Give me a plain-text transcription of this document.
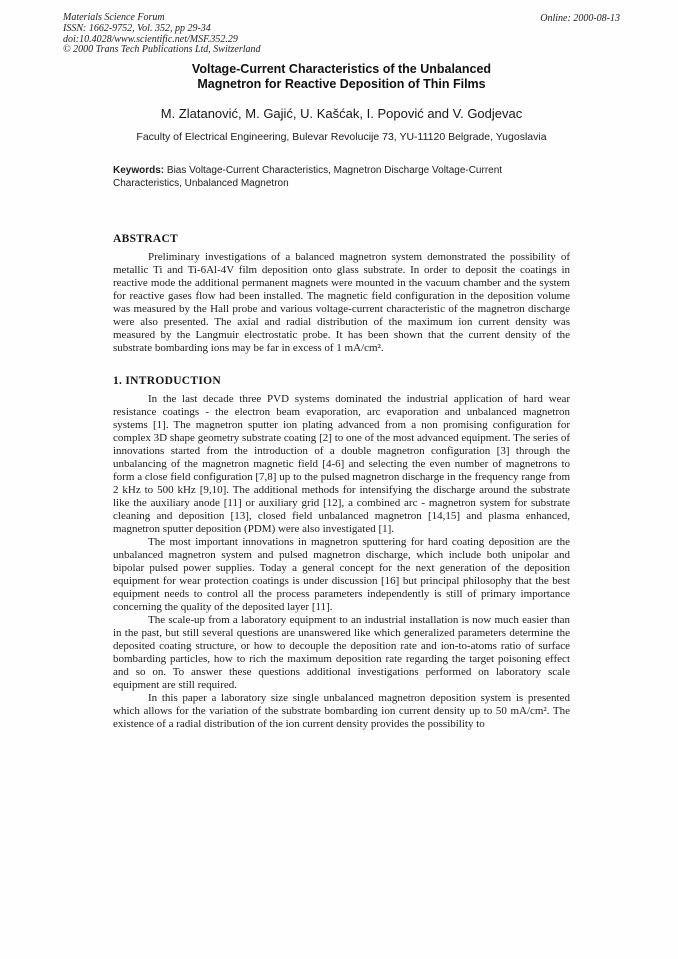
Materials Science Forum
ISSN: 1662-9752, Vol. 352, pp 29-34
doi:10.4028/www.scientific.net/MSF.352.29
© 2000 Trans Tech Publications Ltd, Switzerland
Online: 2000-08-13
Voltage-Current Characteristics of the Unbalanced
Magnetron for Reactive Deposition of Thin Films
M. Zlatanović, M. Gajić, U. Kašćak, I. Popović and V. Godjevac
Faculty of Electrical Engineering, Bulevar Revolucije 73, YU-11120 Belgrade, Yugoslavia
Keywords: Bias Voltage-Current Characteristics, Magnetron Discharge Voltage-Current Characteristics, Unbalanced Magnetron
ABSTRACT

Preliminary investigations of a balanced magnetron system demonstrated the possibility of metallic Ti and Ti-6Al-4V film deposition onto glass substrate. In order to deposit the coatings in reactive mode the additional permanent magnets were mounted in the vacuum chamber and the system for reactive gases flow had been installed. The magnetic field configuration in the deposition volume was measured by the Hall probe and various voltage-current characteristic of the magnetron discharge were also presented. The axial and radial distribution of the maximum ion current density was measured by the Langmuir electrostatic probe. It has been shown that the current density of the substrate bombarding ions may be far in excess of 1 mA/cm².

1. INTRODUCTION

In the last decade three PVD systems dominated the industrial application of hard wear resistance coatings - the electron beam evaporation, arc evaporation and unbalanced magnetron systems [1]. The magnetron sputter ion plating advanced from a non promising configuration for complex 3D shape geometry substrate coating [2] to one of the most advanced equipment. The series of innovations started from the introduction of a double magnetron configuration [3] through the unbalancing of the magnetron magnetic field [4-6] and selecting the even number of magnetrons to form a close field configuration [7,8] up to the pulsed magnetron discharge in the frequency range from 2 kHz to 500 kHz [9,10]. The additional methods for intensifying the discharge around the substrate like the auxiliary anode [11] or auxiliary grid [12], a combined arc - magnetron system for substrate cleaning and deposition [13], closed field unbalanced magnetron [14,15] and plasma enhanced, magnetron sputter deposition (PDM) were also investigated [1].

The most important innovations in magnetron sputtering for hard coating deposition are the unbalanced magnetron system and pulsed magnetron discharge, which include both unipolar and bipolar pulsed power supplies. Today a general concept for the next generation of the deposition equipment for wear protection coatings is under discussion [16] but principal philosophy that the best equipment needs to control all the process parameters independently is still of primary importance concerning the quality of the deposited layer [11].

The scale-up from a laboratory equipment to an industrial installation is now much easier than in the past, but still several questions are unanswered like which generalized parameters determine the deposited coating structure, or how to decouple the deposition rate and ion-to-atoms ratio of surface bombarding particles, how to rich the maximum deposition rate regarding the target poisoning effect and so on. To answer these questions additional investigations performed on laboratory scale equipment are still required.

In this paper a laboratory size single unbalanced magnetron deposition system is presented which allows for the variation of the substrate bombarding ion current density up to 50 mA/cm². The existence of a radial distribution of the ion current density provides the possibility to
